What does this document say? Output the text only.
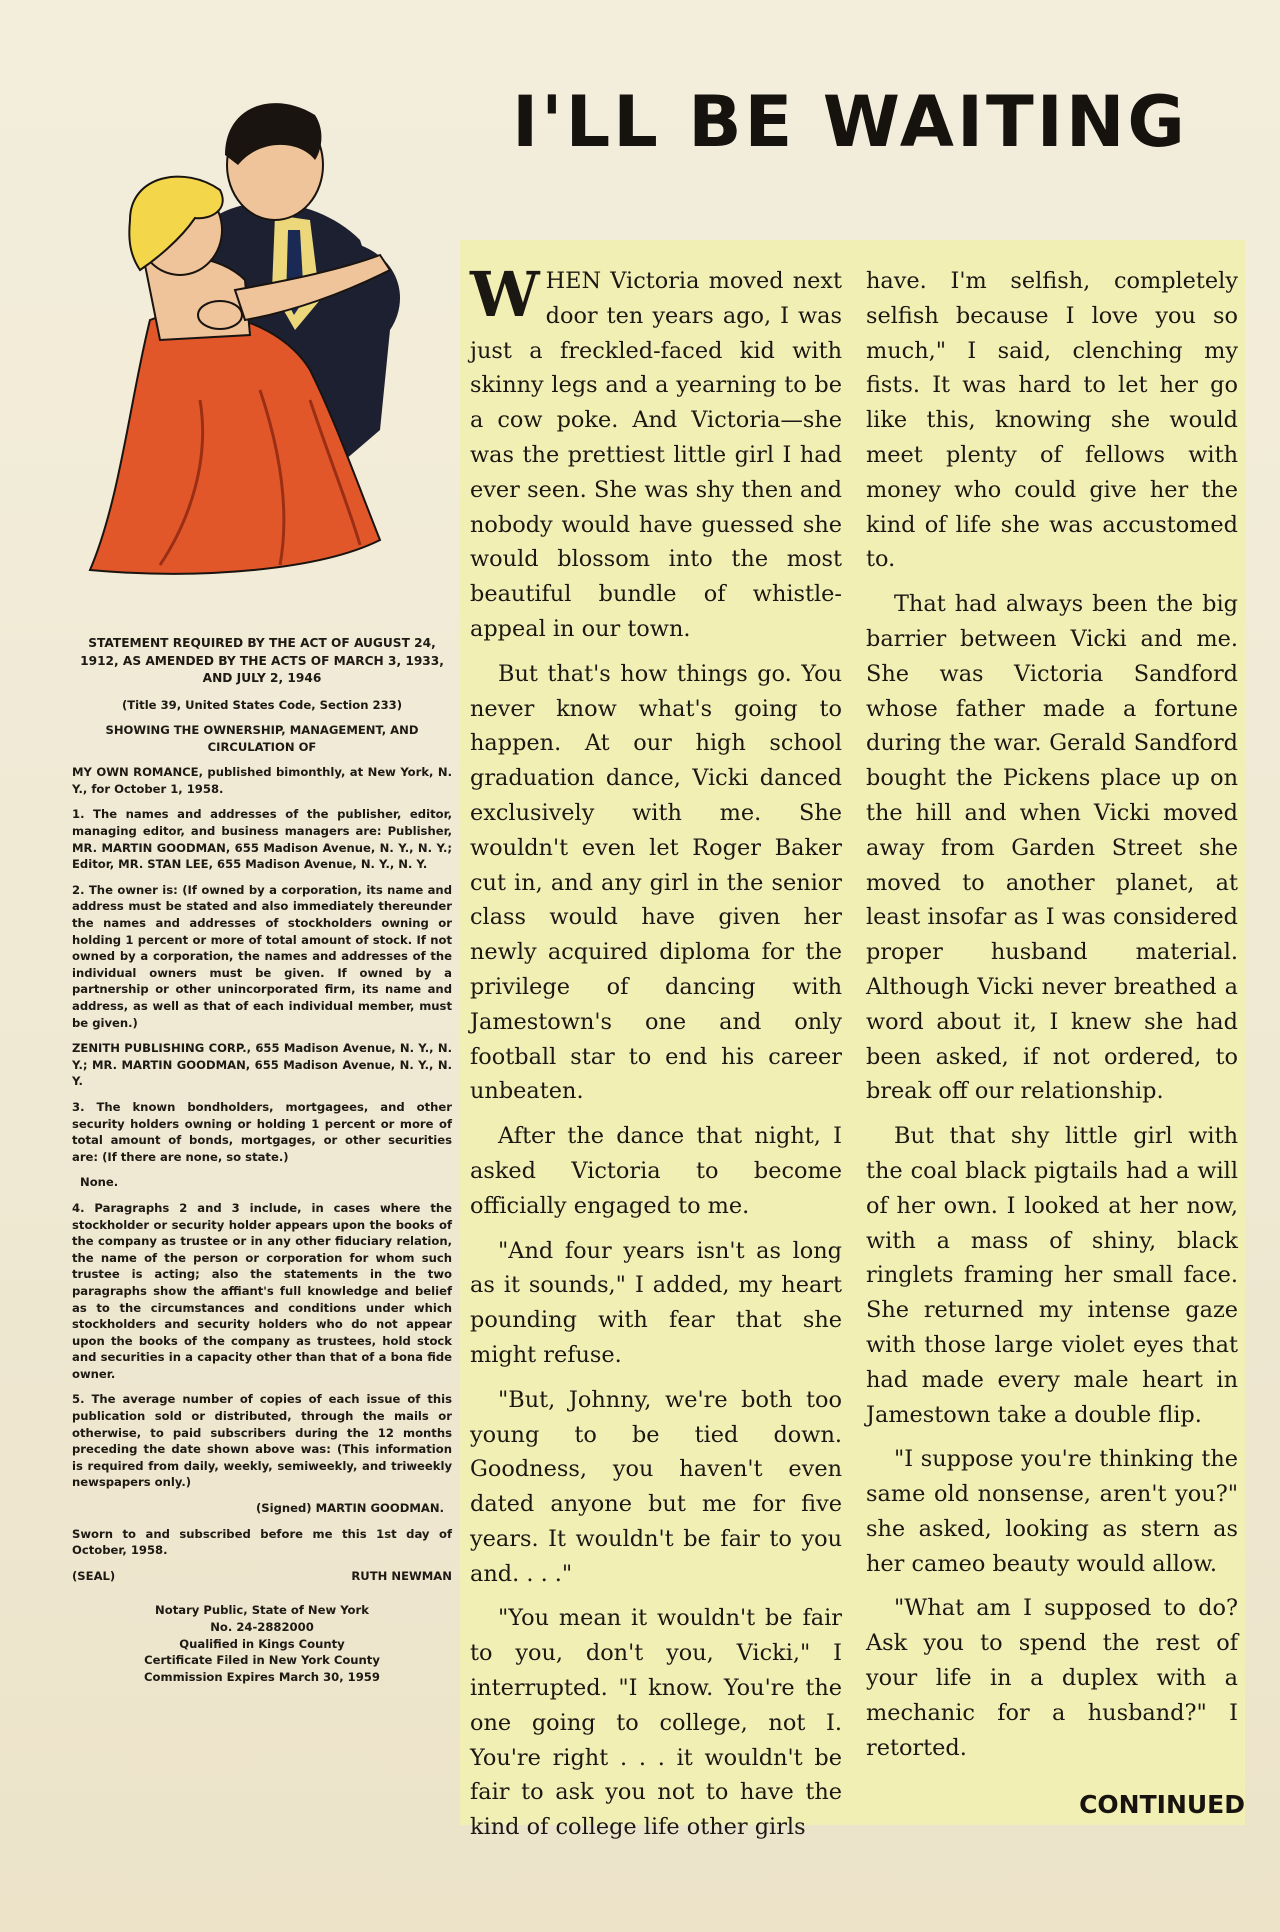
I'LL BE WAITING
STATEMENT REQUIRED BY THE ACT OF AUGUST 24, 1912, AS AMENDED BY THE ACTS OF MARCH 3, 1933, AND JULY 2, 1946

(Title 39, United States Code, Section 233)

SHOWING THE OWNERSHIP, MANAGEMENT, AND CIRCULATION OF

MY OWN ROMANCE, published bimonthly, at New York, N. Y., for October 1, 1958.

1. The names and addresses of the publisher, editor, managing editor, and business managers are: Publisher, MR. MARTIN GOODMAN, 655 Madison Avenue, N. Y., N. Y.; Editor, MR. STAN LEE, 655 Madison Avenue, N. Y., N. Y.

2. The owner is: (If owned by a corporation, its name and address must be stated and also immediately thereunder the names and addresses of stockholders owning or holding 1 percent or more of total amount of stock. If not owned by a corporation, the names and addresses of the individual owners must be given. If owned by a partnership or other unincorporated firm, its name and address, as well as that of each individual member, must be given.)

ZENITH PUBLISHING CORP., 655 Madison Avenue, N. Y., N. Y.; MR. MARTIN GOODMAN, 655 Madison Avenue, N. Y., N. Y.

3. The known bondholders, mortgagees, and other security holders owning or holding 1 percent or more of total amount of bonds, mortgages, or other securities are: (If there are none, so state.)

None.

4. Paragraphs 2 and 3 include, in cases where the stockholder or security holder appears upon the books of the company as trustee or in any other fiduciary relation, the name of the person or corporation for whom such trustee is acting; also the statements in the two paragraphs show the affiant's full knowledge and belief as to the circumstances and conditions under which stockholders and security holders who do not appear upon the books of the company as trustees, hold stock and securities in a capacity other than that of a bona fide owner.

5. The average number of copies of each issue of this publication sold or distributed, through the mails or otherwise, to paid subscribers during the 12 months preceding the date shown above was: (This information is required from daily, weekly, semiweekly, and triweekly newspapers only.)

(Signed) MARTIN GOODMAN.

Sworn to and subscribed before me this 1st day of October, 1958.

(SEAL)	RUTH NEWMAN

Notary Public, State of New York

No. 24-2882000

Qualified in Kings County

Certificate Filed in New York County

Commission Expires March 30, 1959

WHEN Victoria moved next door ten years ago, I was just a freckled-faced kid with skinny legs and a yearning to be a cow poke. And Victoria—she was the prettiest little girl I had ever seen. She was shy then and nobody would have guessed she would blossom into the most beautiful bundle of whistle-appeal in our town.

But that's how things go. You never know what's going to happen. At our high school graduation dance, Vicki danced exclusively with me. She wouldn't even let Roger Baker cut in, and any girl in the senior class would have given her newly acquired diploma for the privilege of dancing with Jamestown's one and only football star to end his career unbeaten.

After the dance that night, I asked Victoria to become officially engaged to me.

"And four years isn't as long as it sounds," I added, my heart pounding with fear that she might refuse.

"But, Johnny, we're both too young to be tied down. Goodness, you haven't even dated anyone but me for five years. It wouldn't be fair to you and. . . ."

"You mean it wouldn't be fair to you, don't you, Vicki," I interrupted. "I know. You're the one going to college, not I. You're right . . . it wouldn't be fair to ask you not to have the kind of college life other girls

have. I'm selfish, completely selfish because I love you so much," I said, clenching my fists. It was hard to let her go like this, knowing she would meet plenty of fellows with money who could give her the kind of life she was accustomed to.

That had always been the big barrier between Vicki and me. She was Victoria Sandford whose father made a fortune during the war. Gerald Sandford bought the Pickens place up on the hill and when Vicki moved away from Garden Street she moved to another planet, at least insofar as I was considered proper husband material. Although Vicki never breathed a word about it, I knew she had been asked, if not ordered, to break off our relationship.

But that shy little girl with the coal black pigtails had a will of her own. I looked at her now, with a mass of shiny, black ringlets framing her small face. She returned my intense gaze with those large violet eyes that had made every male heart in Jamestown take a double flip.

"I suppose you're thinking the same old nonsense, aren't you?" she asked, looking as stern as her cameo beauty would allow.

"What am I supposed to do? Ask you to spend the rest of your life in a duplex with a mechanic for a husband?" I retorted.

CONTINUED
